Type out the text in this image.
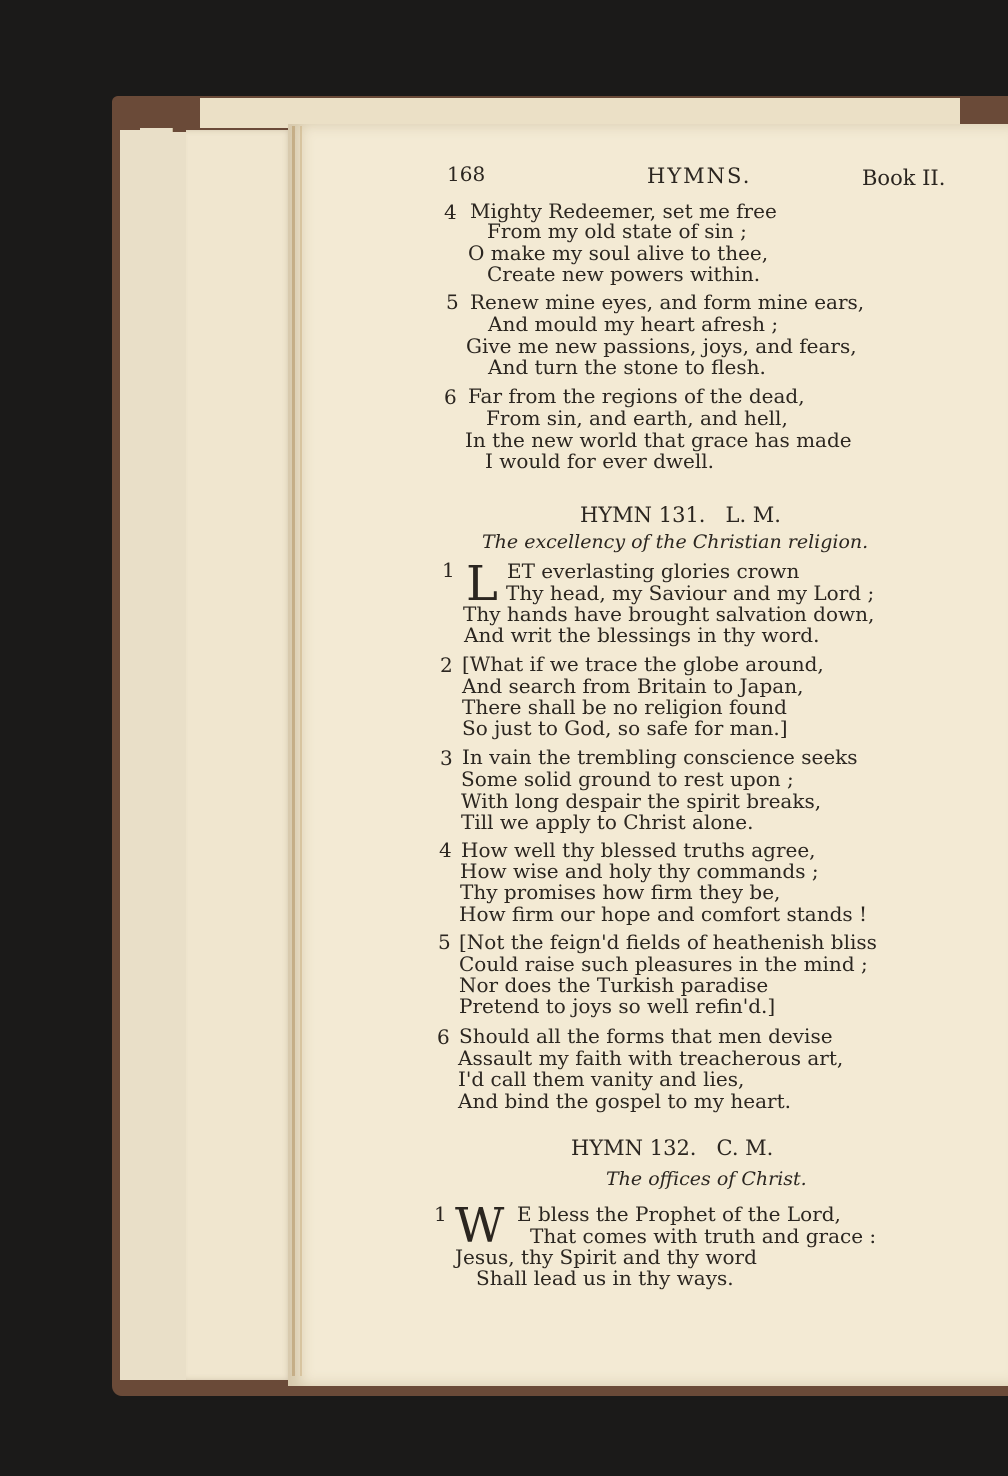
168	HYMNS.	Book II.
4 Mighty Redeemer, set me free
From my old state of sin ;
O make my soul alive to thee,
Create new powers within.
5 Renew mine eyes, and form mine ears,
And mould my heart afresh ;
Give me new passions, joys, and fears,
And turn the stone to flesh.
6 Far from the regions of the dead,
From sin, and earth, and hell,
In the new world that grace has made
I would for ever dwell.
HYMN 131.   L. M.
The excellency of the Christian religion.
1 L ET everlasting glories crown
Thy head, my Saviour and my Lord ;
Thy hands have brought salvation down,
And writ the blessings in thy word.
2 [What if we trace the globe around,
And search from Britain to Japan,
There shall be no religion found
So just to God, so safe for man.]
3 In vain the trembling conscience seeks
Some solid ground to rest upon ;
With long despair the spirit breaks,
Till we apply to Christ alone.
4 How well thy blessed truths agree,
How wise and holy thy commands ;
Thy promises how firm they be,
How firm our hope and comfort stands !
5 [Not the feign'd fields of heathenish bliss
Could raise such pleasures in the mind ;
Nor does the Turkish paradise
Pretend to joys so well refin'd.]
6 Should all the forms that men devise
Assault my faith with treacherous art,
I'd call them vanity and lies,
And bind the gospel to my heart.
HYMN 132.   C. M.
The offices of Christ.
1 W E bless the Prophet of the Lord,
That comes with truth and grace :
Jesus, thy Spirit and thy word
Shall lead us in thy ways.
